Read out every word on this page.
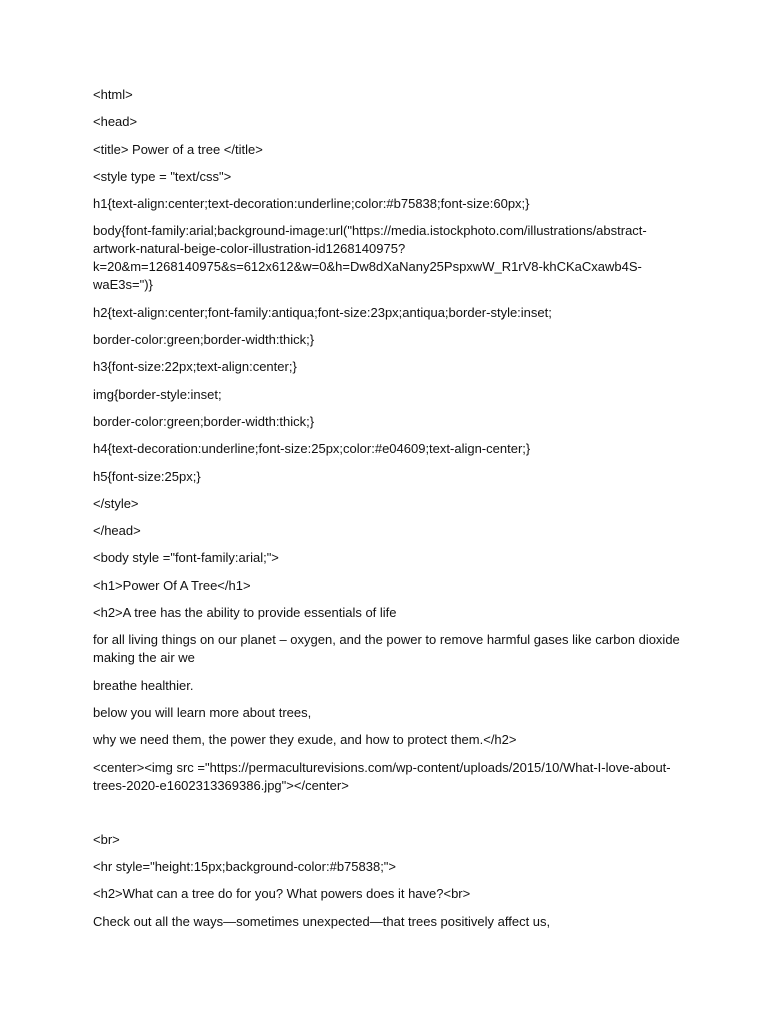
<html>

<head>

<title> Power of a tree </title>

<style type = "text/css">

h1{text-align:center;text-decoration:underline;color:#b75838;font-size:60px;}

body{font-family:arial;background-image:url("https://media.istockphoto.com/illustrations/abstract-artwork-natural-beige-color-illustration-id1268140975?k=20&m=1268140975&s=612x612&w=0&h=Dw8dXaNany25PspxwW_R1rV8-khCKaCxawb4S-waE3s=")}

h2{text-align:center;font-family:antiqua;font-size:23px;antiqua;border-style:inset;

border-color:green;border-width:thick;}

h3{font-size:22px;text-align:center;}

img{border-style:inset;

border-color:green;border-width:thick;}

h4{text-decoration:underline;font-size:25px;color:#e04609;text-align-center;}

h5{font-size:25px;}

</style>

</head>

<body style ="font-family:arial;">

<h1>Power Of A Tree</h1>

<h2>A tree has the ability to provide essentials of life

for all living things on our planet – oxygen, and the power to remove harmful gases like carbon dioxide making the air we

breathe healthier.

below you will learn more about trees,

why we need them, the power they exude, and how to protect them.</h2>

<center><img src ="https://permaculturevisions.com/wp-content/uploads/2015/10/What-I-love-about-trees-2020-e1602313369386.jpg"></center>

<br>

<hr style="height:15px;background-color:#b75838;">

<h2>What can a tree do for you? What powers does it have?<br>

Check out all the ways—sometimes unexpected—that trees positively affect us,
